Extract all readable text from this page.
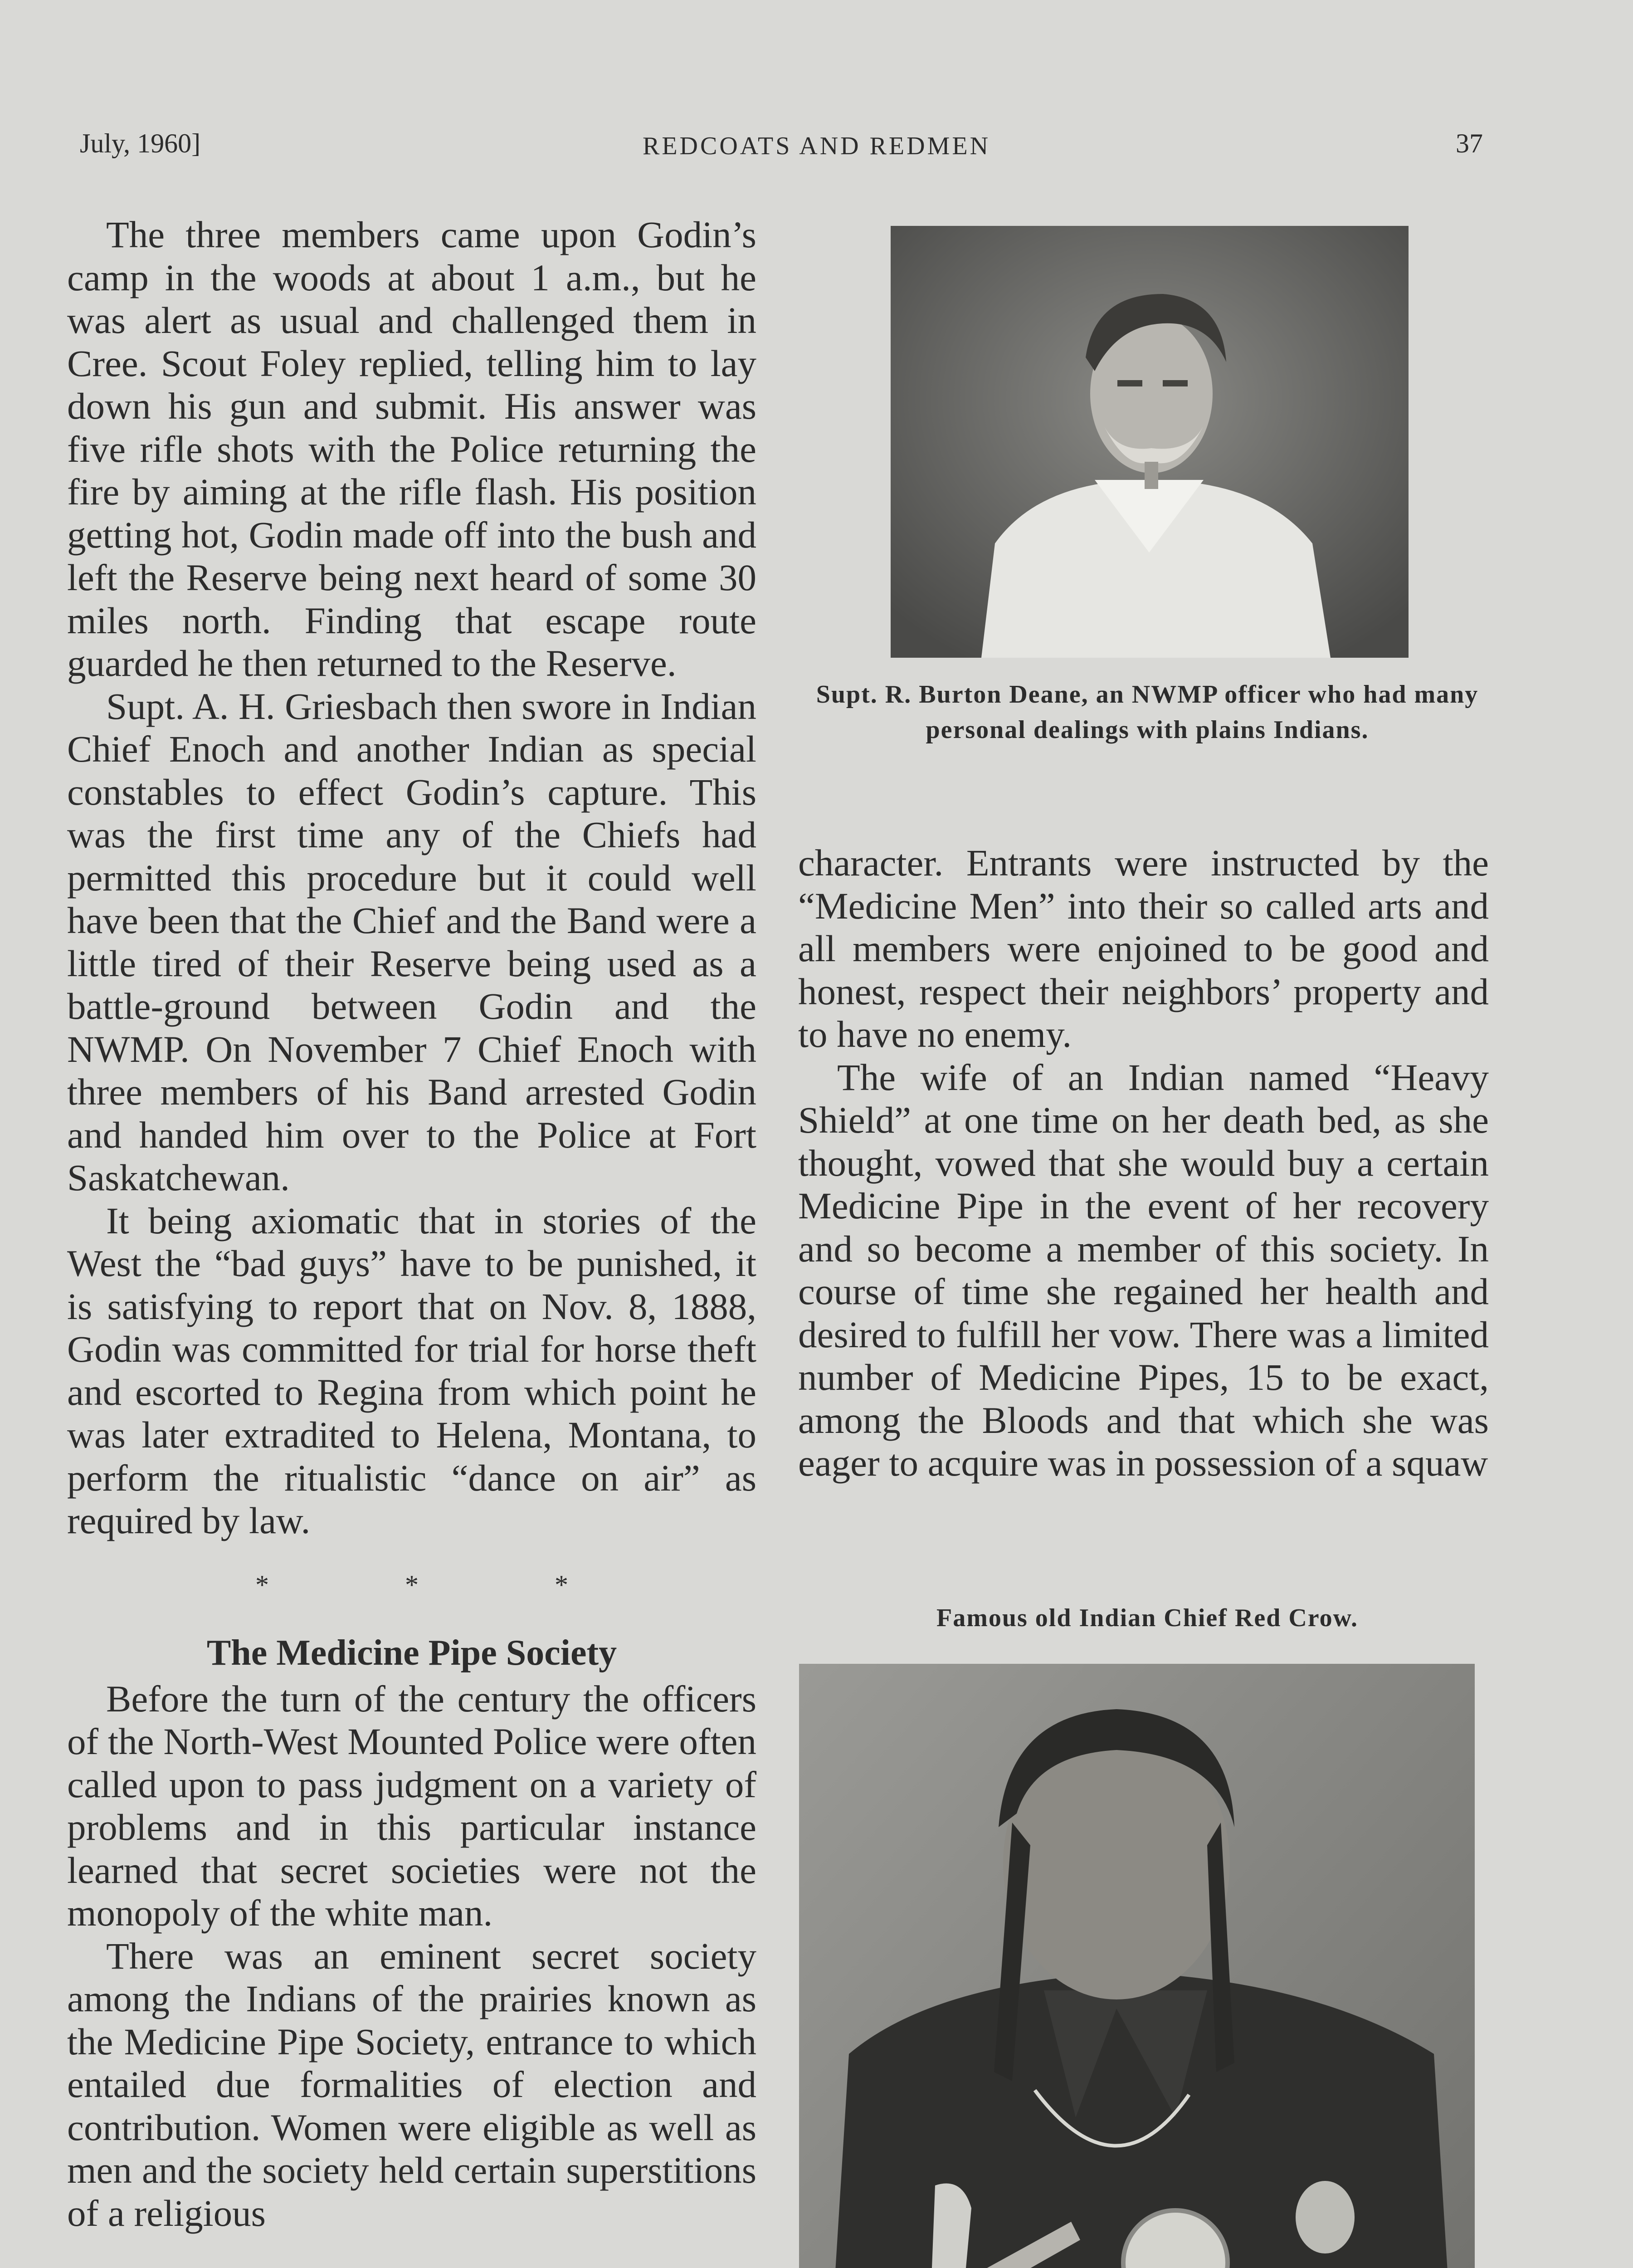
July, 1960]	REDCOATS AND REDMEN	37

The three members came upon Godin’s camp in the woods at about 1 a.m., but he was alert as usual and challenged them in Cree. Scout Foley replied, telling him to lay down his gun and submit. His answer was five rifle shots with the Police returning the fire by aiming at the rifle flash. His position getting hot, Godin made off into the bush and left the Reserve being next heard of some 30 miles north. Finding that escape route guarded he then returned to the Reserve.

Supt. A. H. Griesbach then swore in Indian Chief Enoch and another Indian as special constables to effect Godin’s capture. This was the first time any of the Chiefs had permitted this procedure but it could well have been that the Chief and the Band were a little tired of their Reserve being used as a battle-ground between Godin and the NWMP. On November 7 Chief Enoch with three members of his Band arrested Godin and handed him over to the Police at Fort Saskatchewan.

It being axiomatic that in stories of the West the “bad guys” have to be punished, it is satisfying to report that on Nov. 8, 1888, Godin was committed for trial for horse theft and escorted to Regina from which point he was later extradited to Helena, Montana, to perform the ritualistic “dance on air” as required by law.

*	*	*
The Medicine Pipe Society

Before the turn of the century the officers of the North-West Mounted Police were often called upon to pass judgment on a variety of problems and in this particular instance learned that secret societies were not the monopoly of the white man.

There was an eminent secret society among the Indians of the prairies known as the Medicine Pipe Society, entrance to which entailed due formalities of election and contribution. Women were eligible as well as men and the society held certain superstitions of a religious

Supt. R. Burton Deane, an NWMP officer who had many personal dealings with plains Indians.

character. Entrants were instructed by the “Medicine Men” into their so called arts and all members were enjoined to be good and honest, respect their neighbors’ property and to have no enemy.

The wife of an Indian named “Heavy Shield” at one time on her death bed, as she thought, vowed that she would buy a certain Medicine Pipe in the event of her recovery and so become a member of this society. In course of time she regained her health and desired to fulfill her vow. There was a limited number of Medicine Pipes, 15 to be exact, among the Bloods and that which she was eager to acquire was in possession of a squaw

Famous old Indian Chief Red Crow.
